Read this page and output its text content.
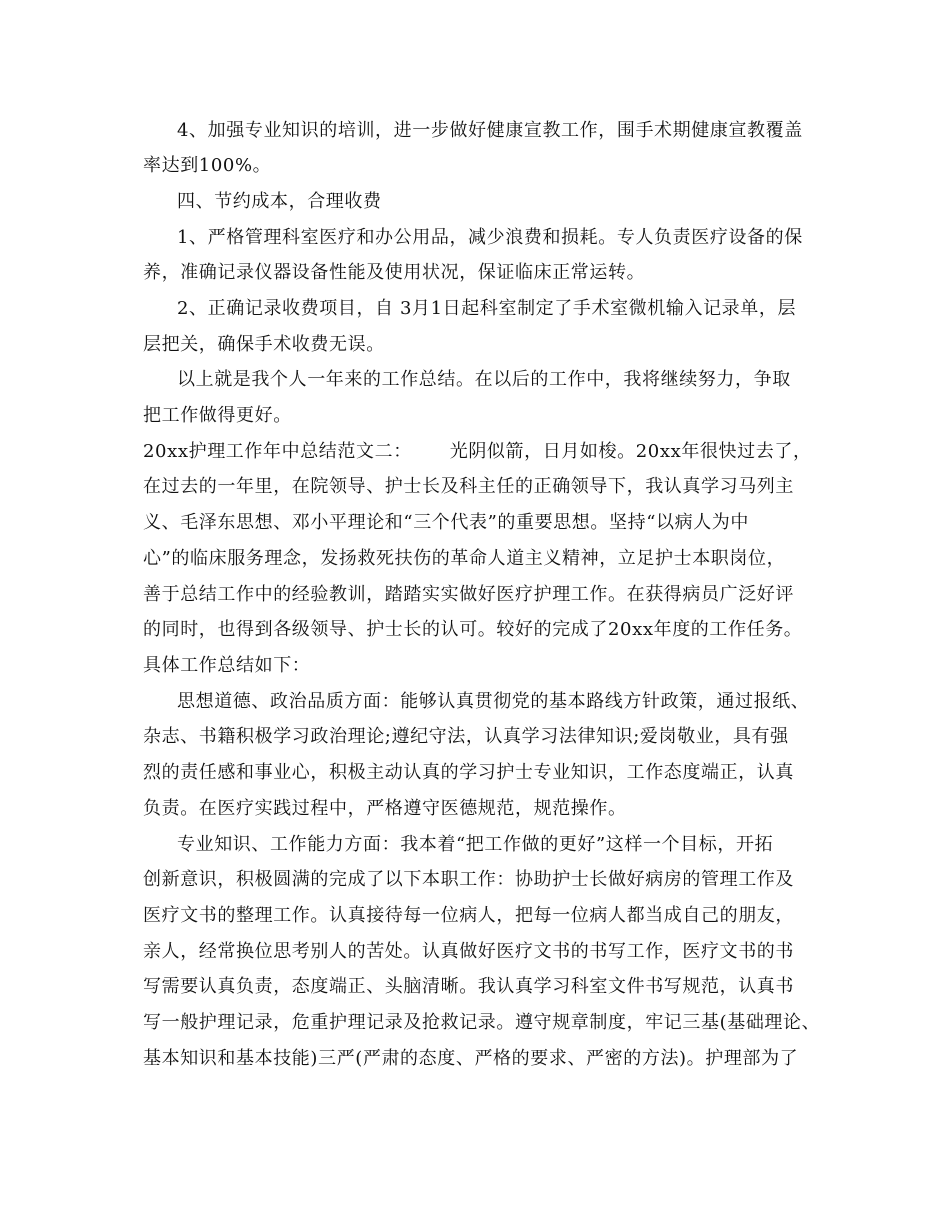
4、加强专业知识的培训，进一步做好健康宣教工作，围手术期健康宣教覆盖
率达到100%。
四、节约成本，合理收费
1、严格管理科室医疗和办公用品，减少浪费和损耗。专人负责医疗设备的保
养，准确记录仪器设备性能及使用状况，保证临床正常运转。
2、正确记录收费项目，自 3月1日起科室制定了手术室微机输入记录单，层
层把关，确保手术收费无误。
以上就是我个人一年来的工作总结。在以后的工作中，我将继续努力，争取
把工作做得更好。
20xx护理工作年中总结范文二：      光阴似箭，日月如梭。20xx年很快过去了，
在过去的一年里，在院领导、护士长及科主任的正确领导下，我认真学习马列主
义、毛泽东思想、邓小平理论和“三个代表”的重要思想。坚持“以病人为中
心”的临床服务理念，发扬救死扶伤的革命人道主义精神，立足护士本职岗位，
善于总结工作中的经验教训，踏踏实实做好医疗护理工作。在获得病员广泛好评
的同时，也得到各级领导、护士长的认可。较好的完成了20xx年度的工作任务。
具体工作总结如下：
思想道德、政治品质方面：能够认真贯彻党的基本路线方针政策，通过报纸、
杂志、书籍积极学习政治理论;遵纪守法，认真学习法律知识;爱岗敬业，具有强
烈的责任感和事业心，积极主动认真的学习护士专业知识，工作态度端正，认真
负责。在医疗实践过程中，严格遵守医德规范，规范操作。
专业知识、工作能力方面：我本着“把工作做的更好”这样一个目标，开拓
创新意识，积极圆满的完成了以下本职工作：协助护士长做好病房的管理工作及
医疗文书的整理工作。认真接待每一位病人，把每一位病人都当成自己的朋友，
亲人，经常换位思考别人的苦处。认真做好医疗文书的书写工作，医疗文书的书
写需要认真负责，态度端正、头脑清晰。我认真学习科室文件书写规范，认真书
写一般护理记录，危重护理记录及抢救记录。遵守规章制度，牢记三基(基础理论、
基本知识和基本技能)三严(严肃的态度、严格的要求、严密的方法)。护理部为了
